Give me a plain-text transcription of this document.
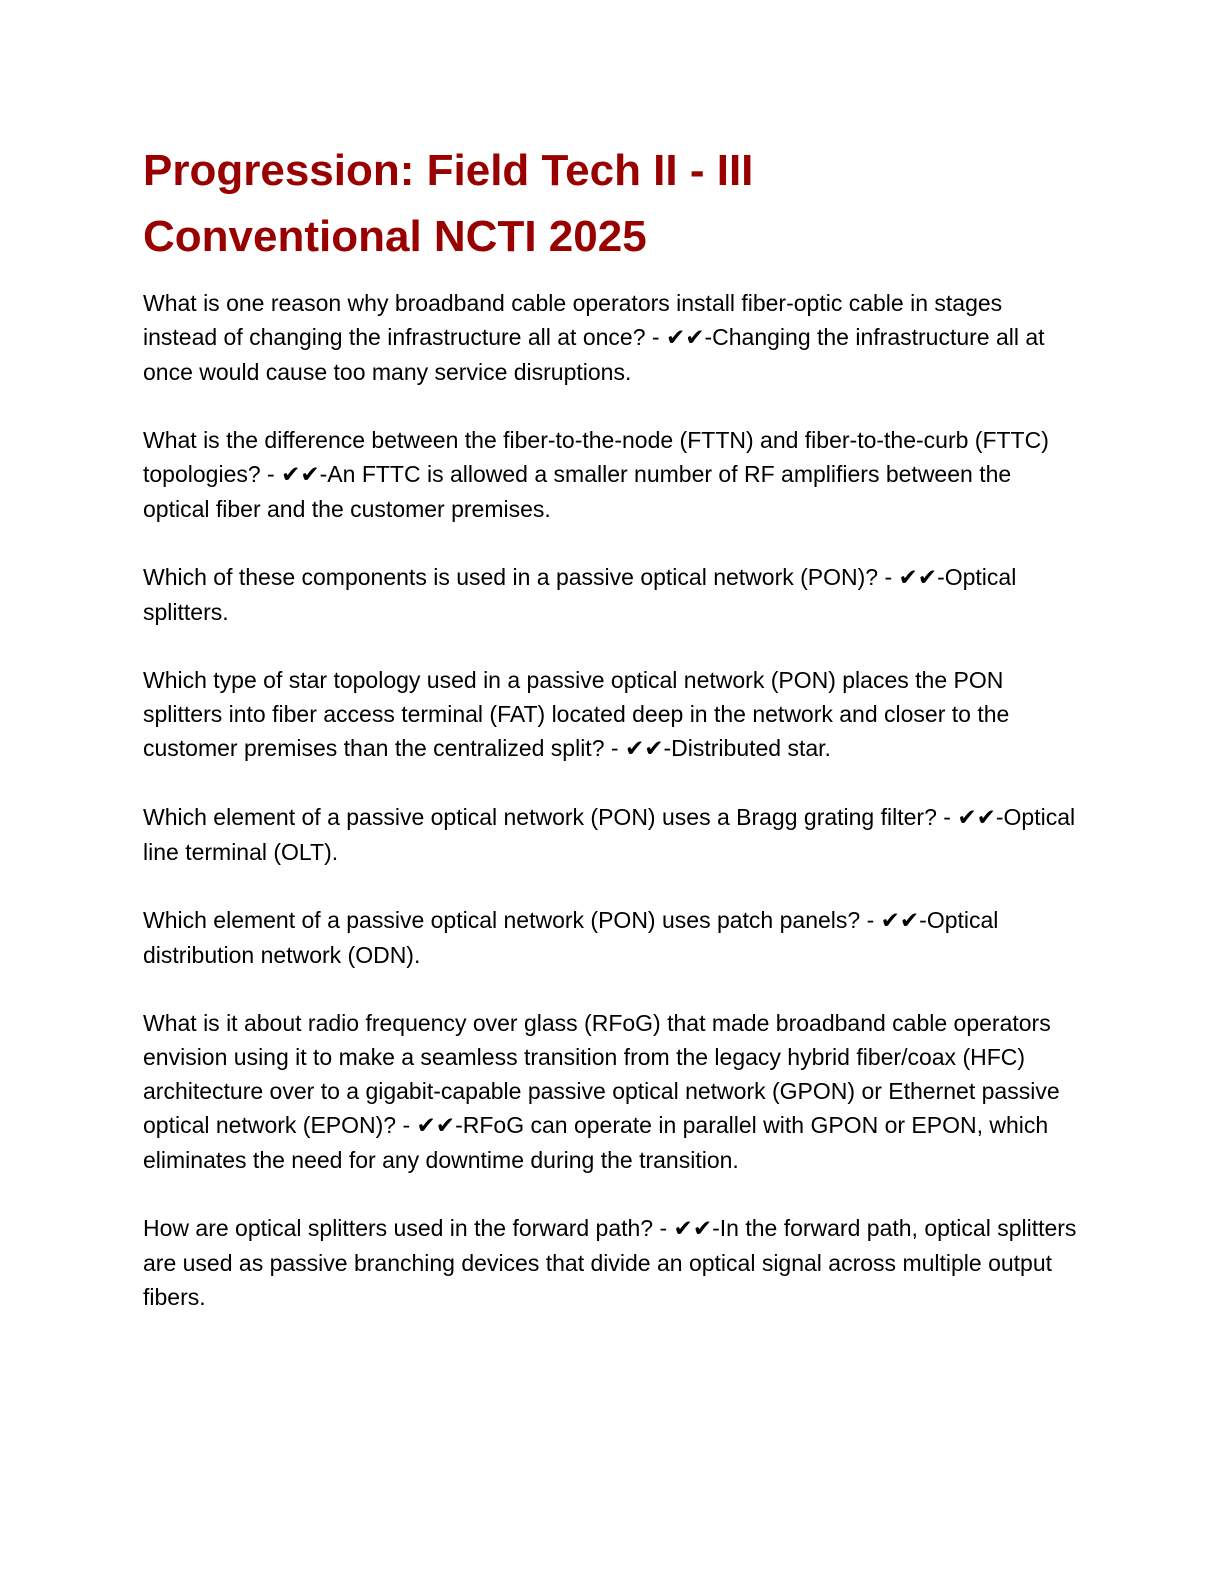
Progression: Field Tech II - III
Conventional NCTI 2025

What is one reason why broadband cable operators install fiber-optic cable in stages instead of changing the infrastructure all at once? - ✔✔-Changing the infrastructure all at once would cause too many service disruptions.

What is the difference between the fiber-to-the-node (FTTN) and fiber-to-the-curb (FTTC) topologies? - ✔✔-An FTTC is allowed a smaller number of RF amplifiers between the optical fiber and the customer premises.

Which of these components is used in a passive optical network (PON)? - ✔✔-Optical splitters.

Which type of star topology used in a passive optical network (PON) places the PON splitters into fiber access terminal (FAT) located deep in the network and closer to the customer premises than the centralized split? - ✔✔-Distributed star.

Which element of a passive optical network (PON) uses a Bragg grating filter? - ✔✔-Optical line terminal (OLT).

Which element of a passive optical network (PON) uses patch panels? - ✔✔-Optical distribution network (ODN).

What is it about radio frequency over glass (RFoG) that made broadband cable operators envision using it to make a seamless transition from the legacy hybrid fiber/coax (HFC) architecture over to a gigabit-capable passive optical network (GPON) or Ethernet passive optical network (EPON)? - ✔✔-RFoG can operate in parallel with GPON or EPON, which eliminates the need for any downtime during the transition.

How are optical splitters used in the forward path? - ✔✔-In the forward path, optical splitters are used as passive branching devices that divide an optical signal across multiple output fibers.
